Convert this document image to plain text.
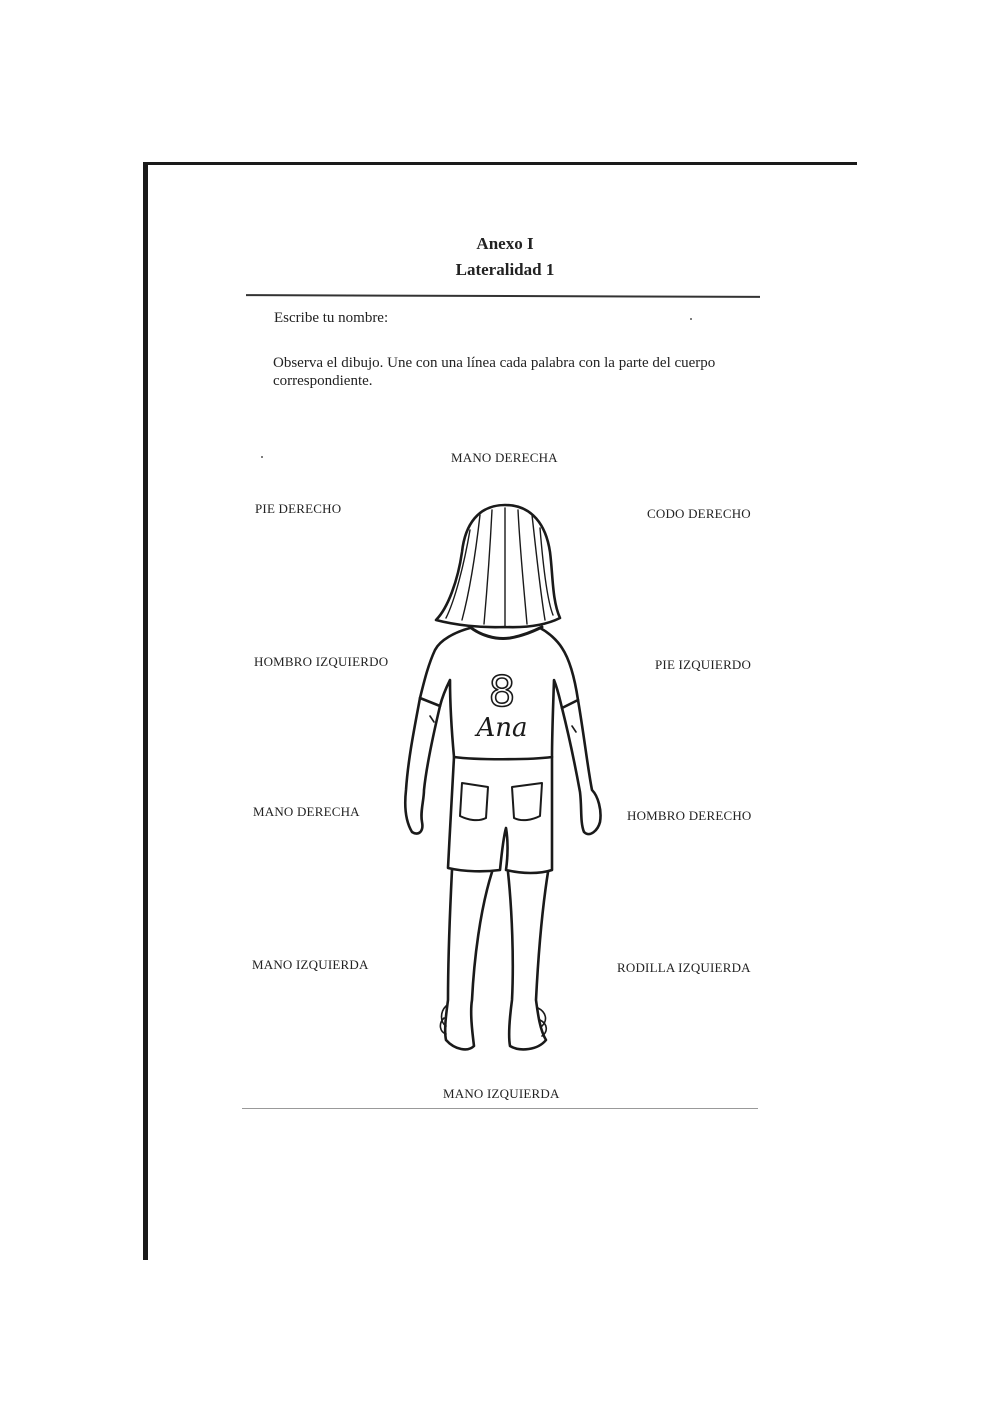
Anexo I
Lateralidad 1
Escribe tu nombre:
Observa el dibujo. Une con una línea cada palabra con la parte del cuerpo correspondiente.
MANO DERECHA
PIE DERECHO
HOMBRO IZQUIERDO
MANO DERECHA
MANO IZQUIERDA
CODO DERECHO
PIE IZQUIERDO
HOMBRO DERECHO
RODILLA IZQUIERDA
MANO IZQUIERDA
8
Ana
